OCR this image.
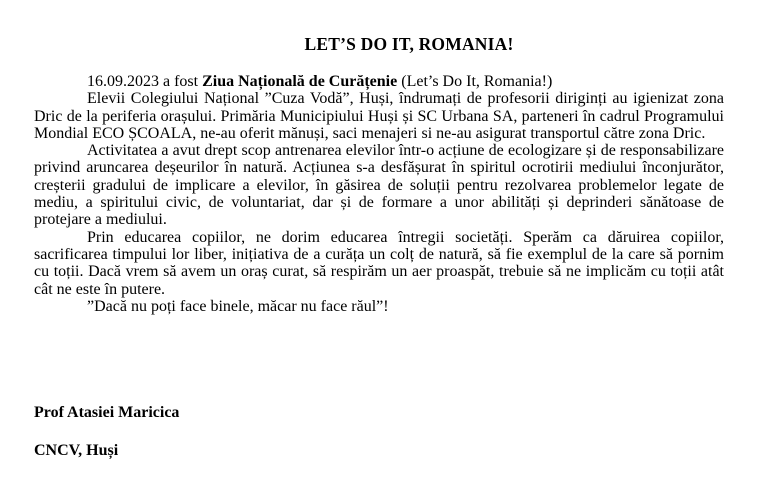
LET’S DO IT, ROMANIA!

16.09.2023 a fost Ziua Națională de Curățenie (Let’s Do It, Romania!)

Elevii Colegiului Național ”Cuza Vodă”, Huși, îndrumați de profesorii diriginți au igienizat zona Dric de la periferia orașului. Primăria Municipiului Huși și SC Urbana SA, parteneri în cadrul Programului Mondial ECO ȘCOALA, ne-au oferit mănuși, saci menajeri si ne-au asigurat transportul către zona Dric.

Activitatea a avut drept scop antrenarea elevilor într-o acțiune de ecologizare și de responsabilizare privind aruncarea deșeurilor în natură. Acțiunea s-a desfășurat în spiritul ocrotirii mediului înconjurător, creșterii gradului de implicare a elevilor, în găsirea de soluții pentru rezolvarea problemelor legate de mediu, a spiritului civic, de voluntariat, dar și de formare a unor abilități și deprinderi sănătoase de protejare a mediului.

Prin educarea copiilor, ne dorim educarea întregii societăți. Sperăm ca dăruirea copiilor, sacrificarea timpului lor liber, inițiativa de a curăța un colț de natură, să fie exemplul de la care să pornim cu toții. Dacă vrem să avem un oraș curat, să respirăm un aer proaspăt, trebuie să ne implicăm cu toții atât cât ne este în putere.

”Dacă nu poți face binele, măcar nu face răul”!

Prof Atasiei Maricica

CNCV, Huși
